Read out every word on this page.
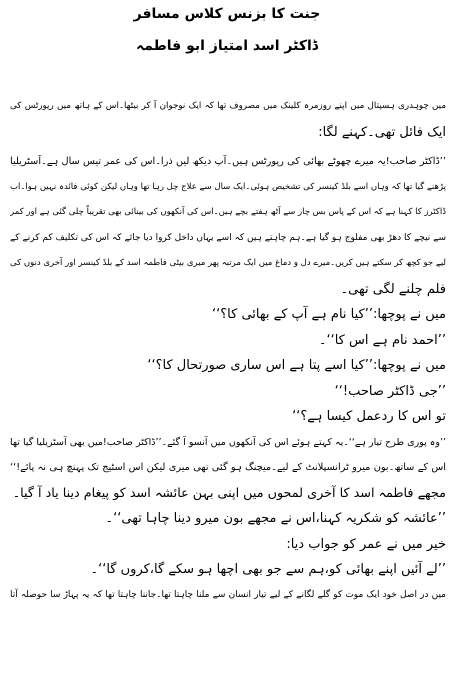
جنت کا بزنس کلاس مسافر
ڈاکٹر اسد امتیاز ابو فاطمہ
میں چوہدری ہسپتال میں اپنے روزمرہ کلینک میں مصروف تھا کہ ایک نوجوان آ کر بیٹھا۔اس کے ہاتھ میں رپورٹس کی
ایک فائل تھی۔کہنے لگا:
’’ڈاکٹر صاحب!یہ میرے چھوٹے بھائی کی رپورٹس ہیں۔آپ دیکھ لیں ذرا۔اس کی عمر تیس سال ہے۔آسٹریلیا
پڑھنے گیا تھا کہ وہاں اسے بلڈ کینسر کی تشخیص ہوئی۔ایک سال سے علاج چل رہا تھا وہاں لیکن کوئی فائدہ نہیں ہوا۔اب
ڈاکٹرز کا کہنا ہے کہ اس کے پاس بس چار سے آٹھ ہفتے بچے ہیں۔اس کی آنکھوں کی بینائی بھی تقریباً چلی گئی ہے اور کمر
سے نیچے کا دھڑ بھی مفلوج ہو گیا ہے۔ہم چاہتے ہیں کہ اسے یہاں داخل کروا دیا جائے کہ اس کی تکلیف کم کرنے کے
لیے جو کچھ کر سکتے ہیں کریں۔میرے دل و دماغ میں ایک مرتبہ پھر میری بیٹی فاطمہ اسد کے بلڈ کینسر اور آخری دنوں کی
فلم چلنے لگی تھی۔
میں نے پوچھا:’’کیا نام ہے آپ کے بھائی کا؟‘‘
’’احمد نام ہے اس کا‘‘۔
میں نے پوچھا:’’کیا اسے پتا ہے اس ساری صورتحال کا؟‘‘
’’جی ڈاکٹر صاحب!‘‘
تو اس کا ردعمل کیسا ہے؟‘‘
’’وہ پوری طرح تیار ہے‘‘۔یہ کہتے ہوئے اس کی آنکھوں میں آنسو آ گئے۔’’ڈاکٹر صاحب!میں بھی آسٹریلیا گیا تھا
اس کے ساتھ۔بون میرو ٹرانسپلانٹ کے لیے۔میچنگ ہو گئی تھی میری لیکن اس اسٹیج تک پہنچ ہی نہ پائے!‘‘
مجھے فاطمہ اسد کا آخری لمحوں میں اپنی بہن عائشہ اسد کو پیغام دینا یاد آ گیا۔
’’عائشہ کو شکریہ کہنا،اس نے مجھے بون میرو دینا چاہا تھی‘‘۔
خیر میں نے عمر کو جواب دیا:
’’لے آئیں اپنے بھائی کو،ہم سے جو بھی اچھا ہو سکے گا،کروں گا‘‘۔
میں در اصل خود ایک موت کو گلے لگانے کے لیے تیار انسان سے ملنا چاہتا تھا۔جاننا چاہتا تھا کہ یہ پہاڑ سا حوصلہ آتا
